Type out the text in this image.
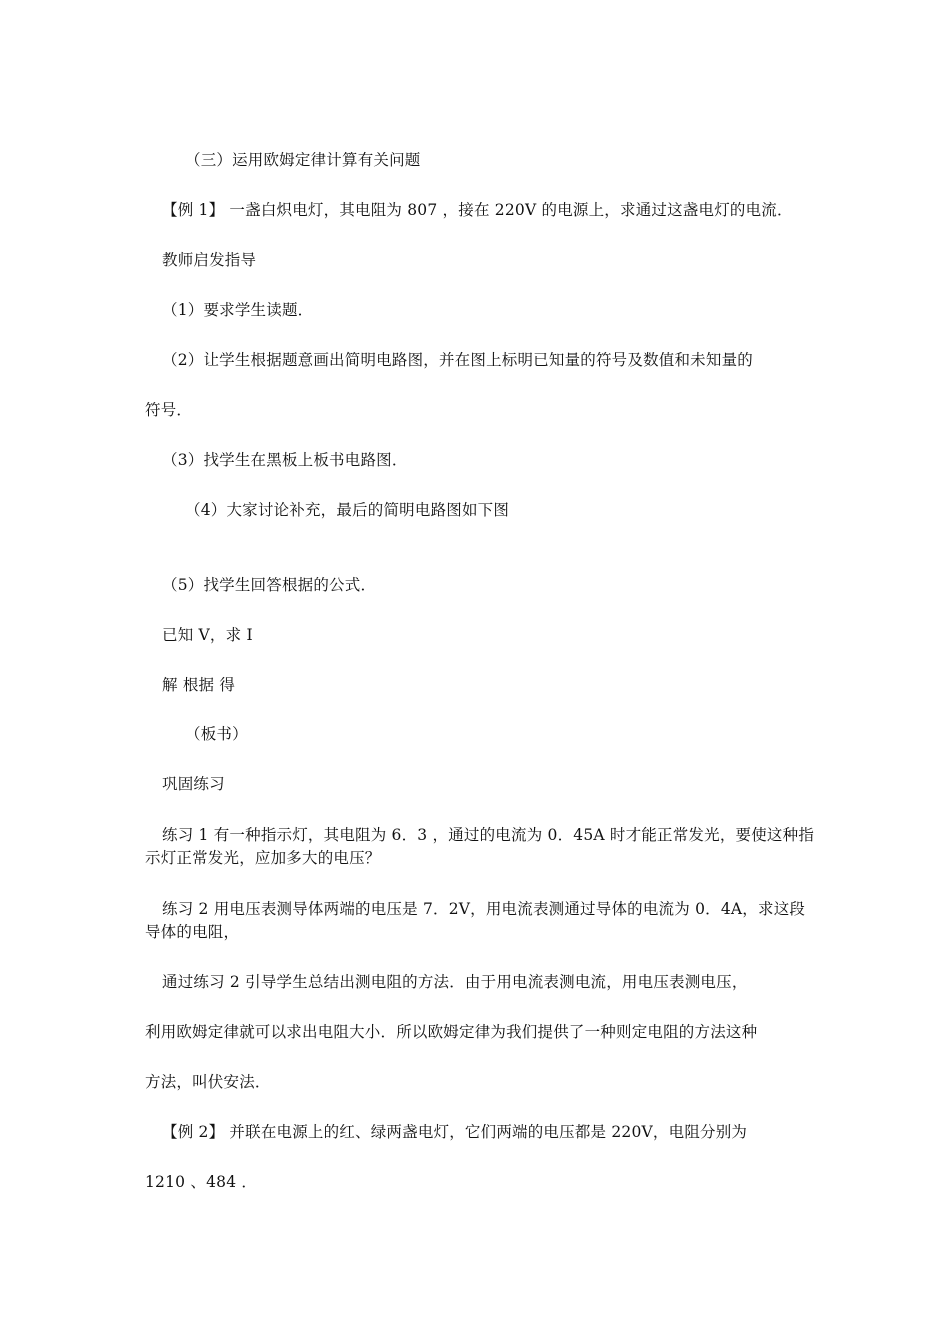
（三）运用欧姆定律计算有关问题
【例 1】 一盏白炽电灯，其电阻为 807 ，接在 220V 的电源上，求通过这盏电灯的电流．
教师启发指导
（1）要求学生读题．
（2）让学生根据题意画出简明电路图，并在图上标明已知量的符号及数值和未知量的
符号．
（3）找学生在黑板上板书电路图．
（4）大家讨论补充，最后的简明电路图如下图
（5）找学生回答根据的公式．
已知 V，求 I
解 根据 得
（板书）
巩固练习
练习 1 有一种指示灯，其电阻为 6．3 ，通过的电流为 0．45A 时才能正常发光，要使这种指
示灯正常发光，应加多大的电压？
练习 2 用电压表测导体两端的电压是 7．2V，用电流表测通过导体的电流为 0．4A，求这段
导体的电阻，
通过练习 2 引导学生总结出测电阻的方法．由于用电流表测电流，用电压表测电压，
利用欧姆定律就可以求出电阻大小．所以欧姆定律为我们提供了一种则定电阻的方法这种
方法，叫伏安法．
【例 2】 并联在电源上的红、绿两盏电灯，它们两端的电压都是 220V，电阻分别为
1210 、484 ．
